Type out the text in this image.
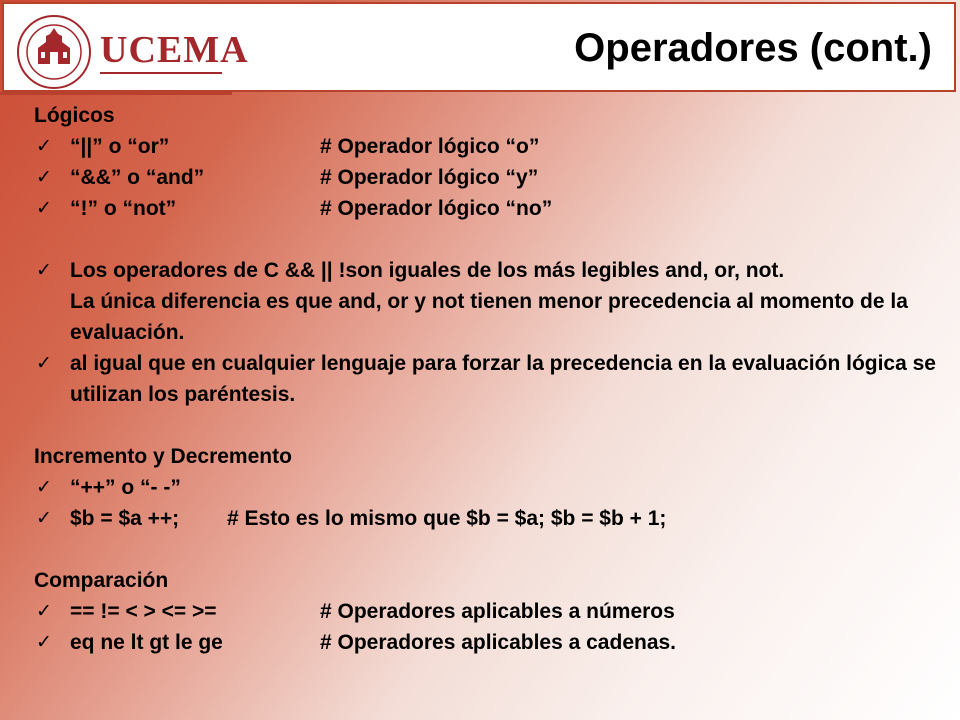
UCEMA	Operadores (cont.)
Lógicos
✓ “||” o “or”	# Operador lógico “o”
✓ “&&” o “and”	# Operador lógico “y”
✓ “!” o “not”	# Operador lógico “no”
✓ Los operadores de C && || !son iguales de los más legibles and, or, not.
La única diferencia es que and, or y not tienen menor precedencia al momento de la evaluación.
✓ al igual que en cualquier lenguaje para forzar la precedencia en la evaluación lógica se utilizan los paréntesis.
Incremento y Decremento
✓ “++” o “- -”
✓ $b = $a ++; # Esto es lo mismo que $b = $a; $b = $b + 1;
Comparación
✓ == != < > <= >=	# Operadores aplicables a números
✓ eq ne lt gt le ge	# Operadores aplicables a cadenas.
